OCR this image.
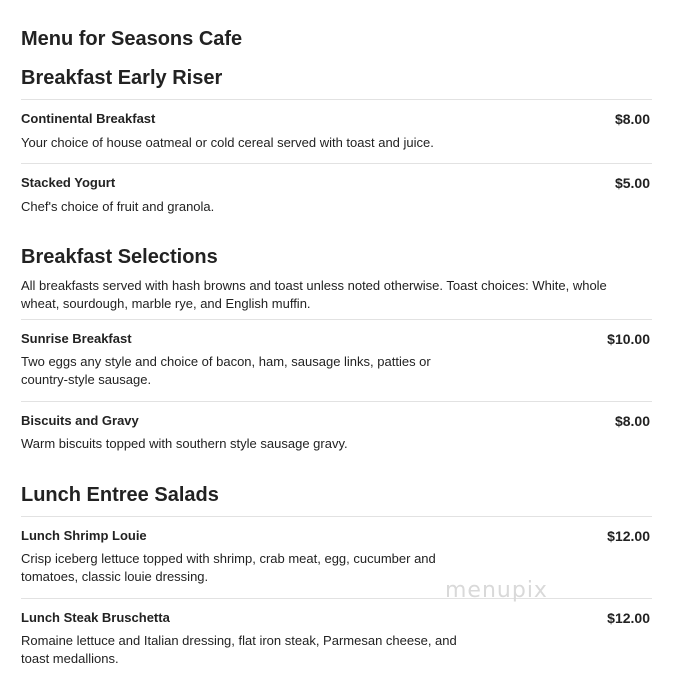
Menu for Seasons Cafe
Breakfast Early Riser
Continental Breakfast	$8.00
Your choice of house oatmeal or cold cereal served with toast and juice.
Stacked Yogurt	$5.00
Chef's choice of fruit and granola.
Breakfast Selections
All breakfasts served with hash browns and toast unless noted otherwise. Toast choices: White, whole wheat, sourdough, marble rye, and English muffin.
Sunrise Breakfast	$10.00
Two eggs any style and choice of bacon, ham, sausage links, patties or country-style sausage.
Biscuits and Gravy	$8.00
Warm biscuits topped with southern style sausage gravy.
Lunch Entree Salads
Lunch Shrimp Louie	$12.00
Crisp iceberg lettuce topped with shrimp, crab meat, egg, cucumber and tomatoes, classic louie dressing.
Lunch Steak Bruschetta	$12.00
Romaine lettuce and Italian dressing, flat iron steak, Parmesan cheese, and toast medallions.
menupix
